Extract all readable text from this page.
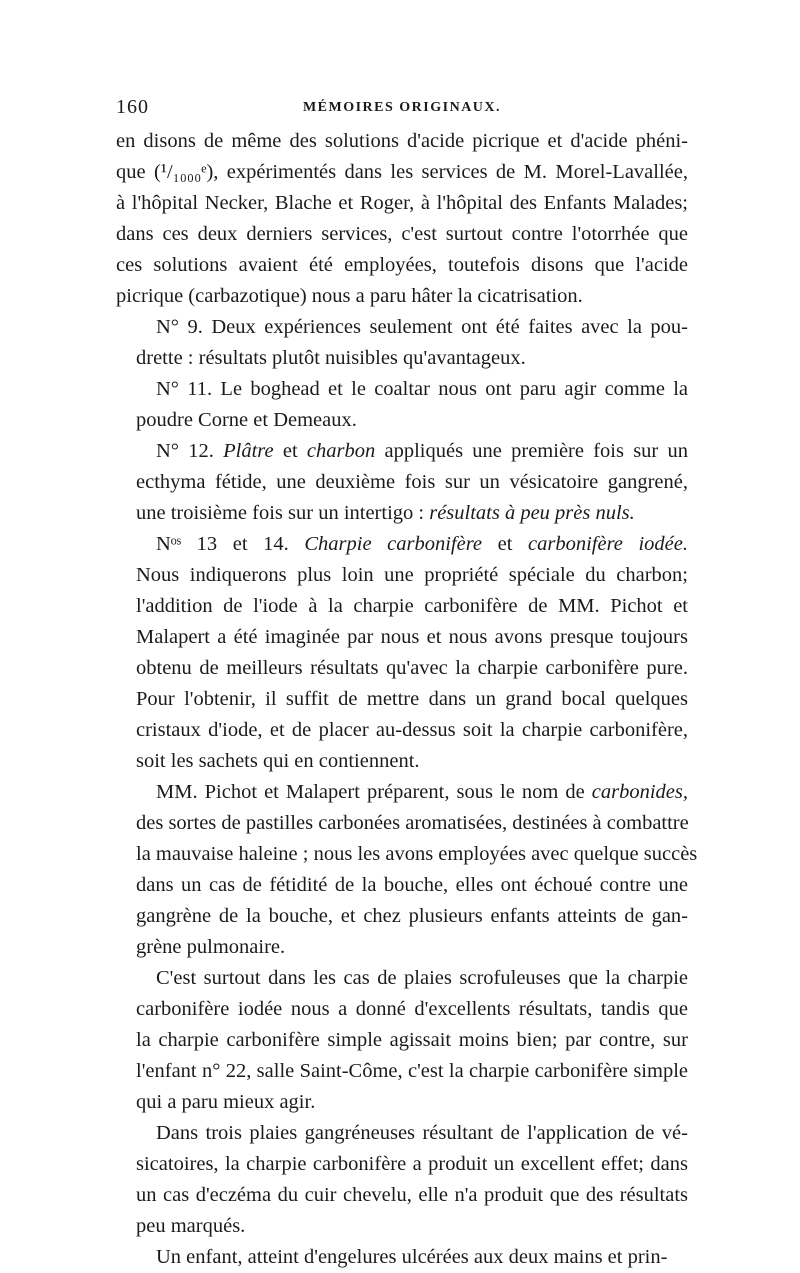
160	MÉMOIRES ORIGINAUX.
en disons de même des solutions d'acide picrique et d'acide phéni-
que (¹/₁₀₀₀ᵉ), expérimentés dans les services de M. Morel-Lavallée,
à l'hôpital Necker, Blache et Roger, à l'hôpital des Enfants Malades;
dans ces deux derniers services, c'est surtout contre l'otorrhée que
ces solutions avaient été employées, toutefois disons que l'acide
picrique (carbazotique) nous a paru hâter la cicatrisation.
N° 9. Deux expériences seulement ont été faites avec la pou-
drette : résultats plutôt nuisibles qu'avantageux.
N° 11. Le boghead et le coaltar nous ont paru agir comme la
poudre Corne et Demeaux.
N° 12. Plâtre et charbon appliqués une première fois sur un
ecthyma fétide, une deuxième fois sur un vésicatoire gangrené,
une troisième fois sur un intertigo : résultats à peu près nuls.
Nᵒˢ 13 et 14. Charpie carbonifère et carbonifère iodée.
Nous indiquerons plus loin une propriété spéciale du charbon;
l'addition de l'iode à la charpie carbonifère de MM. Pichot et
Malapert a été imaginée par nous et nous avons presque toujours
obtenu de meilleurs résultats qu'avec la charpie carbonifère pure.
Pour l'obtenir, il suffit de mettre dans un grand bocal quelques
cristaux d'iode, et de placer au-dessus soit la charpie carbonifère,
soit les sachets qui en contiennent.
MM. Pichot et Malapert préparent, sous le nom de carbonides,
des sortes de pastilles carbonées aromatisées, destinées à combattre
la mauvaise haleine ; nous les avons employées avec quelque succès
dans un cas de fétidité de la bouche, elles ont échoué contre une
gangrène de la bouche, et chez plusieurs enfants atteints de gan-
grène pulmonaire.
C'est surtout dans les cas de plaies scrofuleuses que la charpie
carbonifère iodée nous a donné d'excellents résultats, tandis que
la charpie carbonifère simple agissait moins bien; par contre, sur
l'enfant n° 22, salle Saint-Côme, c'est la charpie carbonifère simple
qui a paru mieux agir.
Dans trois plaies gangréneuses résultant de l'application de vé-
sicatoires, la charpie carbonifère a produit un excellent effet; dans
un cas d'eczéma du cuir chevelu, elle n'a produit que des résultats
peu marqués.
Un enfant, atteint d'engelures ulcérées aux deux mains et prin-
